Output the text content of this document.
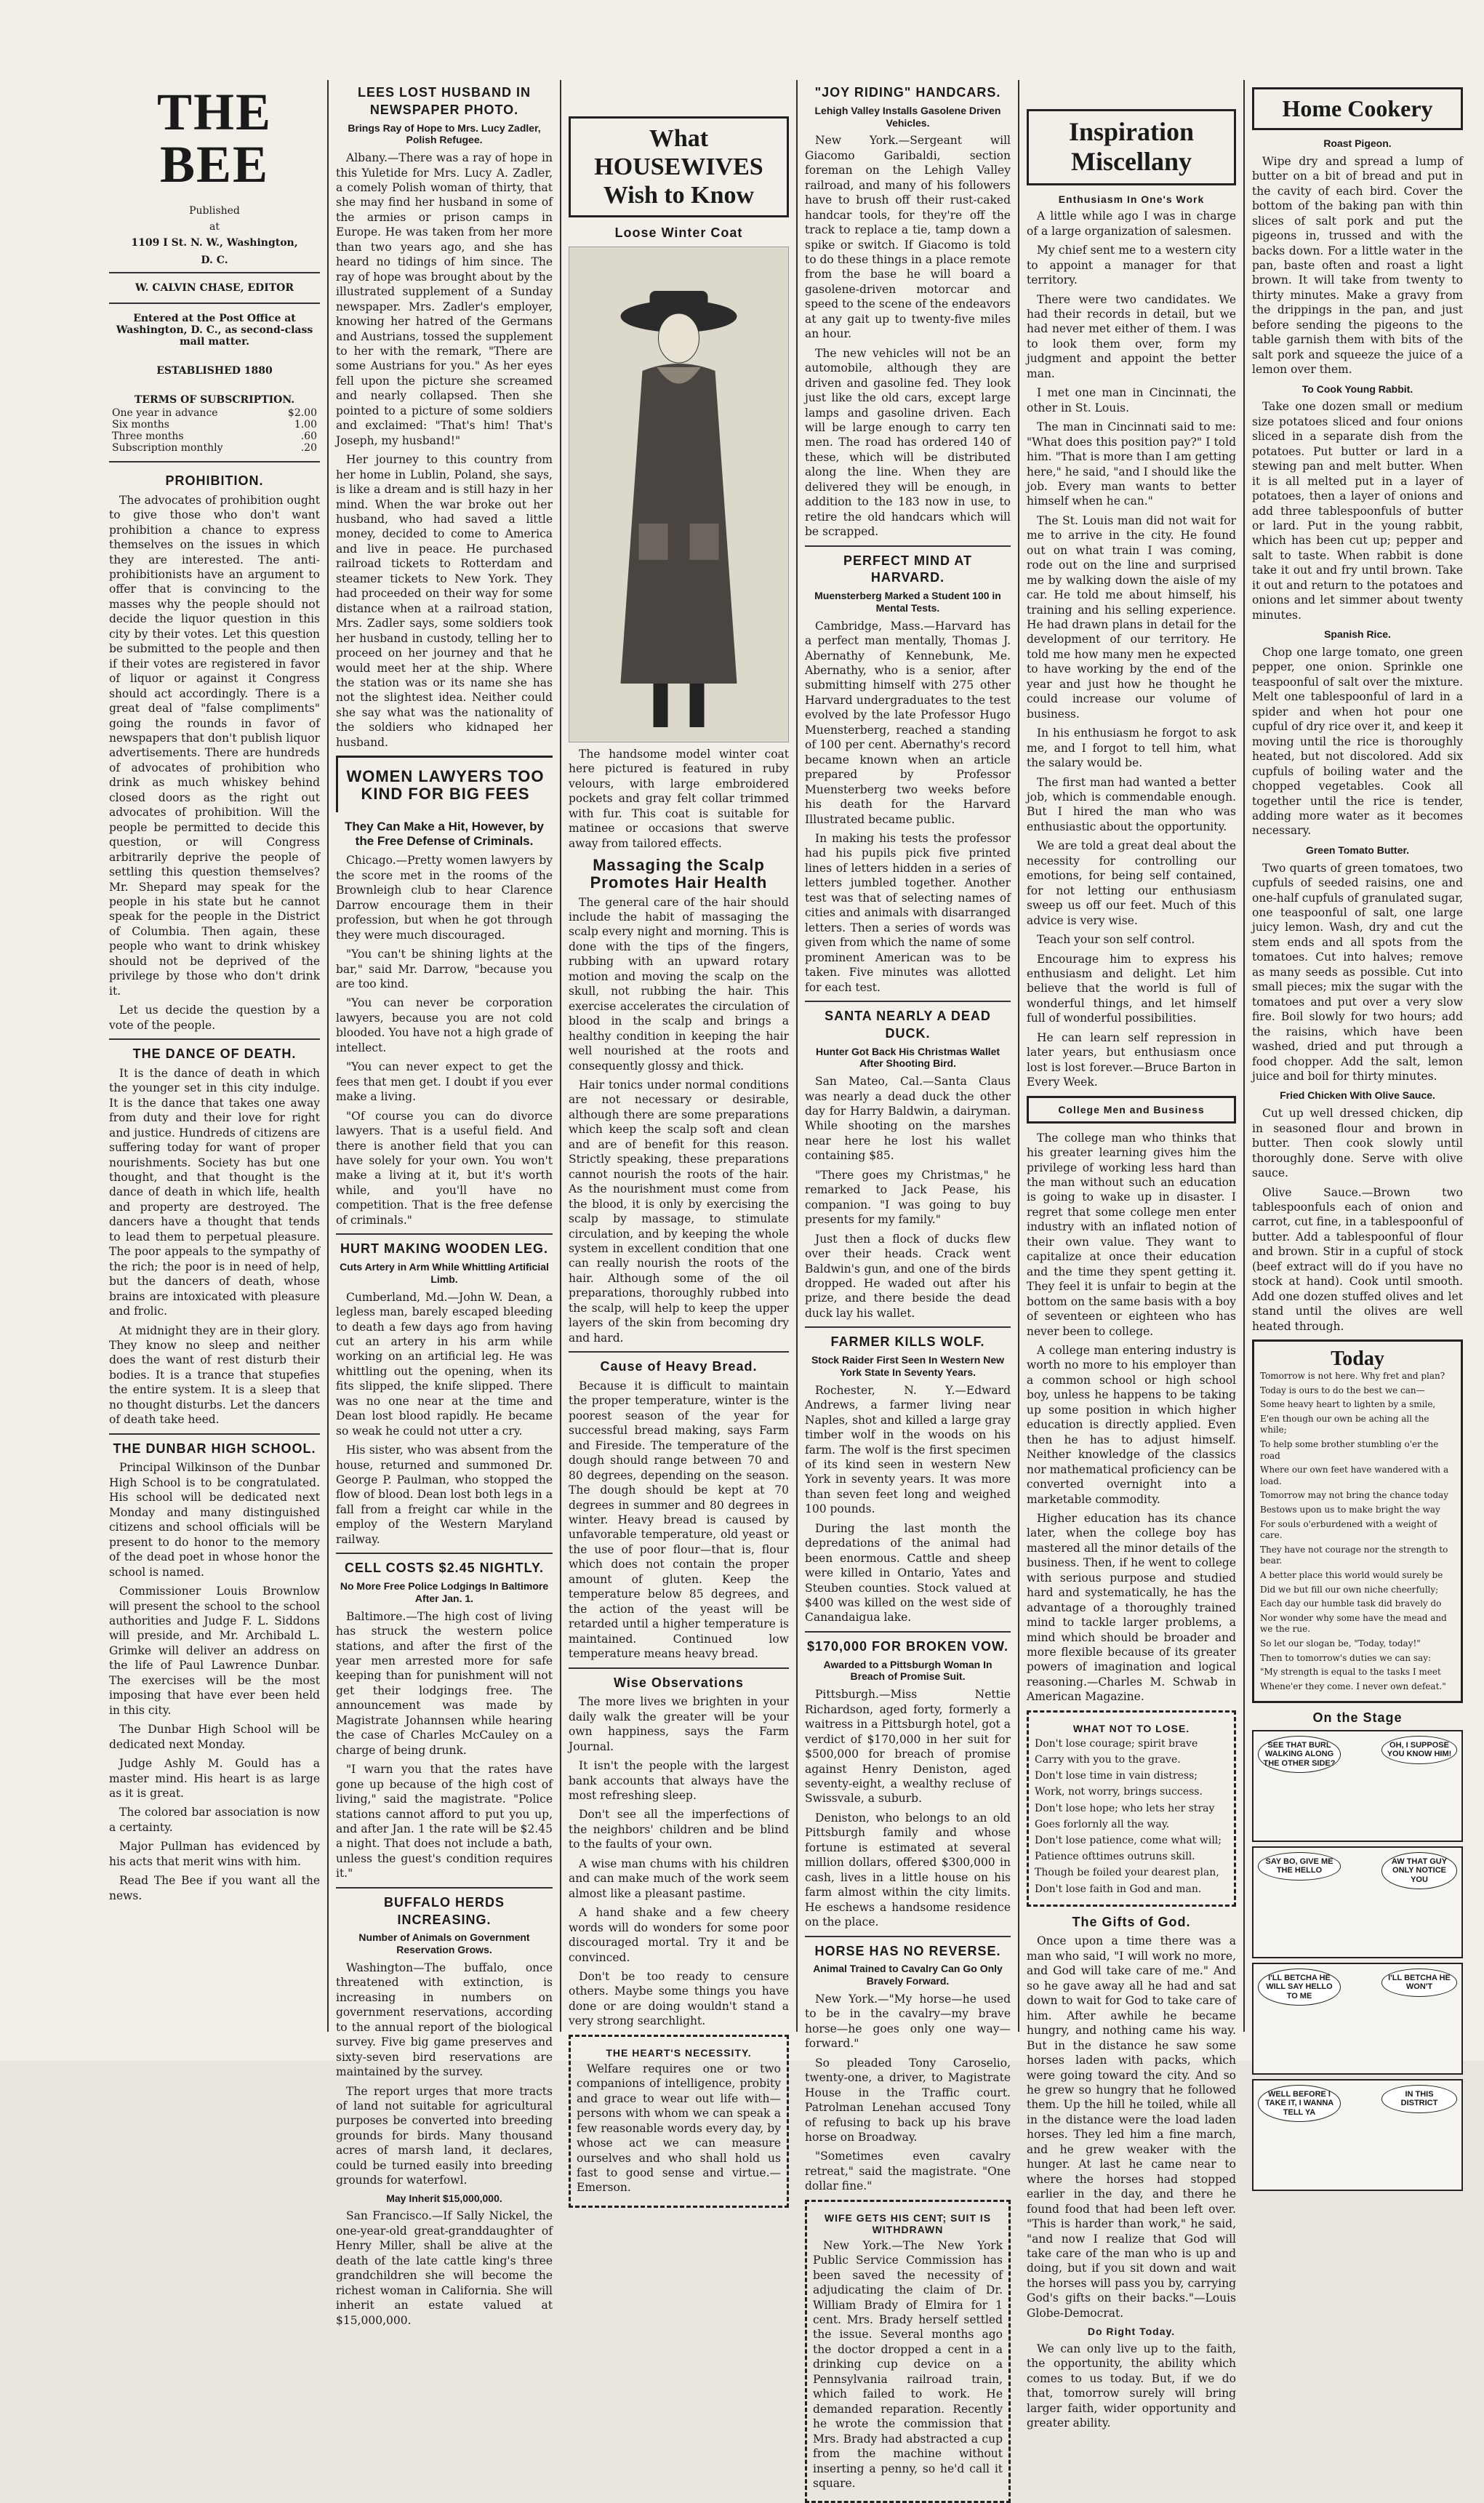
THE BEE
Published
at
1109 I St. N. W., Washington,
D. C.
W. CALVIN CHASE, EDITOR
Entered at the Post Office at Washington, D. C., as second-class mail matter.
ESTABLISHED 1880
TERMS OF SUBSCRIPTION.
One year in advance	$2.00
Six months	1.00
Three months	.60
Subscription monthly	.20
PROHIBITION.

The advocates of prohibition ought to give those who don't want prohibition a chance to express themselves on the issues in which they are interested. The anti-prohibitionists have an argument to offer that is convincing to the masses why the people should not decide the liquor question in this city by their votes. Let this question be submitted to the people and then if their votes are registered in favor of liquor or against it Congress should act accordingly. There is a great deal of "false compliments" going the rounds in favor of newspapers that don't publish liquor advertisements. There are hundreds of advocates of prohibition who drink as much whiskey behind closed doors as the right out advocates of prohibition. Will the people be permitted to decide this question, or will Congress arbitrarily deprive the people of settling this question themselves? Mr. Shepard may speak for the people in his state but he cannot speak for the people in the District of Columbia. Then again, these people who want to drink whiskey should not be deprived of the privilege by those who don't drink it.

Let us decide the question by a vote of the people.

THE DANCE OF DEATH.

It is the dance of death in which the younger set in this city indulge. It is the dance that takes one away from duty and their love for right and justice. Hundreds of citizens are suffering today for want of proper nourishments. Society has but one thought, and that thought is the dance of death in which life, health and property are destroyed. The dancers have a thought that tends to lead them to perpetual pleasure. The poor appeals to the sympathy of the rich; the poor is in need of help, but the dancers of death, whose brains are intoxicated with pleasure and frolic.

At midnight they are in their glory. They know no sleep and neither does the want of rest disturb their bodies. It is a trance that stupefies the entire system. It is a sleep that no thought disturbs. Let the dancers of death take heed.

THE DUNBAR HIGH SCHOOL.

Principal Wilkinson of the Dunbar High School is to be congratulated. His school will be dedicated next Monday and many distinguished citizens and school officials will be present to do honor to the memory of the dead poet in whose honor the school is named.

Commissioner Louis Brownlow will present the school to the school authorities and Judge F. L. Siddons will preside, and Mr. Archibald L. Grimke will deliver an address on the life of Paul Lawrence Dunbar. The exercises will be the most imposing that have ever been held in this city.

The Dunbar High School will be dedicated next Monday.

Judge Ashly M. Gould has a master mind. His heart is as large as it is great.

The colored bar association is now a certainty.

Major Pullman has evidenced by his acts that merit wins with him.

Read The Bee if you want all the news.

LEES LOST HUSBAND IN NEWSPAPER PHOTO.
Brings Ray of Hope to Mrs. Lucy Zadler, Polish Refugee.

Albany.—There was a ray of hope in this Yuletide for Mrs. Lucy A. Zadler, a comely Polish woman of thirty, that she may find her husband in some of the armies or prison camps in Europe. He was taken from her more than two years ago, and she has heard no tidings of him since. The ray of hope was brought about by the illustrated supplement of a Sunday newspaper. Mrs. Zadler's employer, knowing her hatred of the Germans and Austrians, tossed the supplement to her with the remark, "There are some Austrians for you." As her eyes fell upon the picture she screamed and nearly collapsed. Then she pointed to a picture of some soldiers and exclaimed: "That's him! That's Joseph, my husband!"

Her journey to this country from her home in Lublin, Poland, she says, is like a dream and is still hazy in her mind. When the war broke out her husband, who had saved a little money, decided to come to America and live in peace. He purchased railroad tickets to Rotterdam and steamer tickets to New York. They had proceeded on their way for some distance when at a railroad station, Mrs. Zadler says, some soldiers took her husband in custody, telling her to proceed on her journey and that he would meet her at the ship. Where the station was or its name she has not the slightest idea. Neither could she say what was the nationality of the soldiers who kidnaped her husband.

WOMEN LAWYERS TOO KIND FOR BIG FEES
They Can Make a Hit, However, by the Free Defense of Criminals.

Chicago.—Pretty women lawyers by the score met in the rooms of the Brownleigh club to hear Clarence Darrow encourage them in their profession, but when he got through they were much discouraged.

"You can't be shining lights at the bar," said Mr. Darrow, "because you are too kind.

"You can never be corporation lawyers, because you are not cold blooded. You have not a high grade of intellect.

"You can never expect to get the fees that men get. I doubt if you ever make a living.

"Of course you can do divorce lawyers. That is a useful field. And there is another field that you can have solely for your own. You won't make a living at it, but it's worth while, and you'll have no competition. That is the free defense of criminals."

HURT MAKING WOODEN LEG.
Cuts Artery in Arm While Whittling Artificial Limb.

Cumberland, Md.—John W. Dean, a legless man, barely escaped bleeding to death a few days ago from having cut an artery in his arm while working on an artificial leg. He was whittling out the opening, when its fits slipped, the knife slipped. There was no one near at the time and Dean lost blood rapidly. He became so weak he could not utter a cry.

His sister, who was absent from the house, returned and summoned Dr. George P. Paulman, who stopped the flow of blood. Dean lost both legs in a fall from a freight car while in the employ of the Western Maryland railway.

CELL COSTS $2.45 NIGHTLY.
No More Free Police Lodgings In Baltimore After Jan. 1.

Baltimore.—The high cost of living has struck the western police stations, and after the first of the year men arrested more for safe keeping than for punishment will not get their lodgings free. The announcement was made by Magistrate Johannsen while hearing the case of Charles McCauley on a charge of being drunk.

"I warn you that the rates have gone up because of the high cost of living," said the magistrate. "Police stations cannot afford to put you up, and after Jan. 1 the rate will be $2.45 a night. That does not include a bath, unless the guest's condition requires it."

BUFFALO HERDS INCREASING.
Number of Animals on Government Reservation Grows.

Washington—The buffalo, once threatened with extinction, is increasing in numbers on government reservations, according to the annual report of the biological survey. Five big game preserves and sixty-seven bird reservations are maintained by the survey.

The report urges that more tracts of land not suitable for agricultural purposes be converted into breeding grounds for birds. Many thousand acres of marsh land, it declares, could be turned easily into breeding grounds for waterfowl.

May Inherit $15,000,000.

San Francisco.—If Sally Nickel, the one-year-old great-granddaughter of Henry Miller, shall be alive at the death of the late cattle king's three grandchildren she will become the richest woman in California. She will inherit an estate valued at $15,000,000.

What HOUSEWIVES Wish to Know
Loose Winter Coat

The handsome model winter coat here pictured is featured in ruby velours, with large embroidered pockets and gray felt collar trimmed with fur. This coat is suitable for matinee or occasions that swerve away from tailored effects.

Massaging the Scalp Promotes Hair Health

The general care of the hair should include the habit of massaging the scalp every night and morning. This is done with the tips of the fingers, rubbing with an upward rotary motion and moving the scalp on the skull, not rubbing the hair. This exercise accelerates the circulation of blood in the scalp and brings a healthy condition in keeping the hair well nourished at the roots and consequently glossy and thick.

Hair tonics under normal conditions are not necessary or desirable, although there are some preparations which keep the scalp soft and clean and are of benefit for this reason. Strictly speaking, these preparations cannot nourish the roots of the hair. As the nourishment must come from the blood, it is only by exercising the scalp by massage, to stimulate circulation, and by keeping the whole system in excellent condition that one can really nourish the roots of the hair. Although some of the oil preparations, thoroughly rubbed into the scalp, will help to keep the upper layers of the skin from becoming dry and hard.

Cause of Heavy Bread.

Because it is difficult to maintain the proper temperature, winter is the poorest season of the year for successful bread making, says Farm and Fireside. The temperature of the dough should range between 70 and 80 degrees, depending on the season. The dough should be kept at 70 degrees in summer and 80 degrees in winter. Heavy bread is caused by unfavorable temperature, old yeast or the use of poor flour—that is, flour which does not contain the proper amount of gluten. Keep the temperature below 85 degrees, and the action of the yeast will be retarded until a higher temperature is maintained. Continued low temperature means heavy bread.

Wise Observations

The more lives we brighten in your daily walk the greater will be your own happiness, says the Farm Journal.

It isn't the people with the largest bank accounts that always have the most refreshing sleep.

Don't see all the imperfections of the neighbors' children and be blind to the faults of your own.

A wise man chums with his children and can make much of the work seem almost like a pleasant pastime.

A hand shake and a few cheery words will do wonders for some poor discouraged mortal. Try it and be convinced.

Don't be too ready to censure others. Maybe some things you have done or are doing wouldn't stand a very strong searchlight.

THE HEART'S NECESSITY.

Welfare requires one or two companions of intelligence, probity and grace to wear out life with—persons with whom we can speak a few reasonable words every day, by whose act we can measure ourselves and who shall hold us fast to good sense and virtue.—Emerson.

"JOY RIDING" HANDCARS.
Lehigh Valley Installs Gasolene Driven Vehicles.

New York.—Sergeant will Giacomo Garibaldi, section foreman on the Lehigh Valley railroad, and many of his followers have to brush off their rust-caked handcar tools, for they're off the track to replace a tie, tamp down a spike or switch. If Giacomo is told to do these things in a place remote from the base he will board a gasolene-driven motorcar and speed to the scene of the endeavors at any gait up to twenty-five miles an hour.

The new vehicles will not be an automobile, although they are driven and gasoline fed. They look just like the old cars, except large lamps and gasoline driven. Each will be large enough to carry ten men. The road has ordered 140 of these, which will be distributed along the line. When they are delivered they will be enough, in addition to the 183 now in use, to retire the old handcars which will be scrapped.

PERFECT MIND AT HARVARD.
Muensterberg Marked a Student 100 in Mental Tests.

Cambridge, Mass.—Harvard has a perfect man mentally, Thomas J. Abernathy of Kennebunk, Me. Abernathy, who is a senior, after submitting himself with 275 other Harvard undergraduates to the test evolved by the late Professor Hugo Muensterberg, reached a standing of 100 per cent. Abernathy's record became known when an article prepared by Professor Muensterberg two weeks before his death for the Harvard Illustrated became public.

In making his tests the professor had his pupils pick five printed lines of letters hidden in a series of letters jumbled together. Another test was that of selecting names of cities and animals with disarranged letters. Then a series of words was given from which the name of some prominent American was to be taken. Five minutes was allotted for each test.

SANTA NEARLY A DEAD DUCK.
Hunter Got Back His Christmas Wallet After Shooting Bird.

San Mateo, Cal.—Santa Claus was nearly a dead duck the other day for Harry Baldwin, a dairyman. While shooting on the marshes near here he lost his wallet containing $85.

"There goes my Christmas," he remarked to Jack Pease, his companion. "I was going to buy presents for my family."

Just then a flock of ducks flew over their heads. Crack went Baldwin's gun, and one of the birds dropped. He waded out after his prize, and there beside the dead duck lay his wallet.

FARMER KILLS WOLF.
Stock Raider First Seen In Western New York State In Seventy Years.

Rochester, N. Y.—Edward Andrews, a farmer living near Naples, shot and killed a large gray timber wolf in the woods on his farm. The wolf is the first specimen of its kind seen in western New York in seventy years. It was more than seven feet long and weighed 100 pounds.

During the last month the depredations of the animal had been enormous. Cattle and sheep were killed in Ontario, Yates and Steuben counties. Stock valued at $400 was killed on the west side of Canandaigua lake.

$170,000 FOR BROKEN VOW.
Awarded to a Pittsburgh Woman In Breach of Promise Suit.

Pittsburgh.—Miss Nettie Richardson, aged forty, formerly a waitress in a Pittsburgh hotel, got a verdict of $170,000 in her suit for $500,000 for breach of promise against Henry Deniston, aged seventy-eight, a wealthy recluse of Swissvale, a suburb.

Deniston, who belongs to an old Pittsburgh family and whose fortune is estimated at several million dollars, offered $300,000 in cash, lives in a little house on his farm almost within the city limits. He eschews a handsome residence on the place.

HORSE HAS NO REVERSE.
Animal Trained to Cavalry Can Go Only Bravely Forward.

New York.—"My horse—he used to be in the cavalry—my brave horse—he goes only one way—forward."

So pleaded Tony Caroselio, twenty-one, a driver, to Magistrate House in the Traffic court. Patrolman Lenehan accused Tony of refusing to back up his brave horse on Broadway.

"Sometimes even cavalry retreat," said the magistrate. "One dollar fine."

WIFE GETS HIS CENT; SUIT IS WITHDRAWN

New York.—The New York Public Service Commission has been saved the necessity of adjudicating the claim of Dr. William Brady of Elmira for 1 cent. Mrs. Brady herself settled the issue. Several months ago the doctor dropped a cent in a drinking cup device on a Pennsylvania railroad train, which failed to work. He demanded reparation. Recently he wrote the commission that Mrs. Brady had abstracted a cup from the machine without inserting a penny, so he'd call it square.

Inspiration Miscellany
Enthusiasm In One's Work

A little while ago I was in charge of a large organization of salesmen.

My chief sent me to a western city to appoint a manager for that territory.

There were two candidates. We had their records in detail, but we had never met either of them. I was to look them over, form my judgment and appoint the better man.

I met one man in Cincinnati, the other in St. Louis.

The man in Cincinnati said to me: "What does this position pay?" I told him. "That is more than I am getting here," he said, "and I should like the job. Every man wants to better himself when he can."

The St. Louis man did not wait for me to arrive in the city. He found out on what train I was coming, rode out on the line and surprised me by walking down the aisle of my car. He told me about himself, his training and his selling experience. He had drawn plans in detail for the development of our territory. He told me how many men he expected to have working by the end of the year and just how he thought he could increase our volume of business.

In his enthusiasm he forgot to ask me, and I forgot to tell him, what the salary would be.

The first man had wanted a better job, which is commendable enough. But I hired the man who was enthusiastic about the opportunity.

We are told a great deal about the necessity for controlling our emotions, for being self contained, for not letting our enthusiasm sweep us off our feet. Much of this advice is very wise.

Teach your son self control.

Encourage him to express his enthusiasm and delight. Let him believe that the world is full of wonderful things, and let himself full of wonderful possibilities.

He can learn self repression in later years, but enthusiasm once lost is lost forever.—Bruce Barton in Every Week.

College Men and Business

The college man who thinks that his greater learning gives him the privilege of working less hard than the man without such an education is going to wake up in disaster. I regret that some college men enter industry with an inflated notion of their own value. They want to capitalize at once their education and the time they spent getting it. They feel it is unfair to begin at the bottom on the same basis with a boy of seventeen or eighteen who has never been to college.

A college man entering industry is worth no more to his employer than a common school or high school boy, unless he happens to be taking up some position in which higher education is directly applied. Even then he has to adjust himself. Neither knowledge of the classics nor mathematical proficiency can be converted overnight into a marketable commodity.

Higher education has its chance later, when the college boy has mastered all the minor details of the business. Then, if he went to college with serious purpose and studied hard and systematically, he has the advantage of a thoroughly trained mind to tackle larger problems, a mind which should be broader and more flexible because of its greater powers of imagination and logical reasoning.—Charles M. Schwab in American Magazine.

WHAT NOT TO LOSE.

Don't lose courage; spirit brave

Carry with you to the grave.

Don't lose time in vain distress;

Work, not worry, brings success.

Don't lose hope; who lets her stray

Goes forlornly all the way.

Don't lose patience, come what will;

Patience ofttimes outruns skill.

Though be foiled your dearest plan,

Don't lose faith in God and man.

The Gifts of God.

Once upon a time there was a man who said, "I will work no more, and God will take care of me." And so he gave away all he had and sat down to wait for God to take care of him. After awhile he became hungry, and nothing came his way. But in the distance he saw some horses laden with packs, which were going toward the city. And so he grew so hungry that he followed them. Up the hill he toiled, while all in the distance were the load laden horses. They led him a fine march, and he grew weaker with the hunger. At last he came near to where the horses had stopped earlier in the day, and there he found food that had been left over. "This is harder than work," he said, "and now I realize that God will take care of the man who is up and doing, but if you sit down and wait the horses will pass you by, carrying God's gifts on their backs."—Louis Globe-Democrat.

Do Right Today.

We can only live up to the faith, the opportunity, the ability which comes to us today. But, if we do that, tomorrow surely will bring larger faith, wider opportunity and greater ability.

Home Cookery
Roast Pigeon.

Wipe dry and spread a lump of butter on a bit of bread and put in the cavity of each bird. Cover the bottom of the baking pan with thin slices of salt pork and put the pigeons in, trussed and with the backs down. For a little water in the pan, baste often and roast a light brown. It will take from twenty to thirty minutes. Make a gravy from the drippings in the pan, and just before sending the pigeons to the table garnish them with bits of the salt pork and squeeze the juice of a lemon over them.

To Cook Young Rabbit.

Take one dozen small or medium size potatoes sliced and four onions sliced in a separate dish from the potatoes. Put butter or lard in a stewing pan and melt butter. When it is all melted put in a layer of potatoes, then a layer of onions and add three tablespoonfuls of butter or lard. Put in the young rabbit, which has been cut up; pepper and salt to taste. When rabbit is done take it out and fry until brown. Take it out and return to the potatoes and onions and let simmer about twenty minutes.

Spanish Rice.

Chop one large tomato, one green pepper, one onion. Sprinkle one teaspoonful of salt over the mixture. Melt one tablespoonful of lard in a spider and when hot pour one cupful of dry rice over it, and keep it moving until the rice is thoroughly heated, but not discolored. Add six cupfuls of boiling water and the chopped vegetables. Cook all together until the rice is tender, adding more water as it becomes necessary.

Green Tomato Butter.

Two quarts of green tomatoes, two cupfuls of seeded raisins, one and one-half cupfuls of granulated sugar, one teaspoonful of salt, one large juicy lemon. Wash, dry and cut the stem ends and all spots from the tomatoes. Cut into halves; remove as many seeds as possible. Cut into small pieces; mix the sugar with the tomatoes and put over a very slow fire. Boil slowly for two hours; add the raisins, which have been washed, dried and put through a food chopper. Add the salt, lemon juice and boil for thirty minutes.

Fried Chicken With Olive Sauce.

Cut up well dressed chicken, dip in seasoned flour and brown in butter. Then cook slowly until thoroughly done. Serve with olive sauce.

Olive Sauce.—Brown two tablespoonfuls each of onion and carrot, cut fine, in a tablespoonful of butter. Add a tablespoonful of flour and brown. Stir in a cupful of stock (beef extract will do if you have no stock at hand). Cook until smooth. Add one dozen stuffed olives and let stand until the olives are well heated through.

Today

Tomorrow is not here. Why fret and plan?

Today is ours to do the best we can—

Some heavy heart to lighten by a smile,

E'en though our own be aching all the while;

To help some brother stumbling o'er the road

Where our own feet have wandered with a load.

Tomorrow may not bring the chance today

Bestows upon us to make bright the way

For souls o'erburdened with a weight of care.

They have not courage nor the strength to bear.

A better place this world would surely be

Did we but fill our own niche cheerfully;

Each day our humble task did bravely do

Nor wonder why some have the mead and we the rue.

So let our slogan be, "Today, today!"

Then to tomorrow's duties we can say:

"My strength is equal to the tasks I meet

Whene'er they come. I never own defeat."

On the Stage
SEE THAT BURL WALKING ALONG THE OTHER SIDE?
OH, I SUPPOSE YOU KNOW HIM!
SAY BO, GIVE ME THE HELLO
AW THAT GUY ONLY NOTICE YOU
I'LL BETCHA HE WILL SAY HELLO TO ME
I'LL BETCHA HE WON'T
WELL BEFORE I TAKE IT, I WANNA TELL YA
IN THIS DISTRICT
